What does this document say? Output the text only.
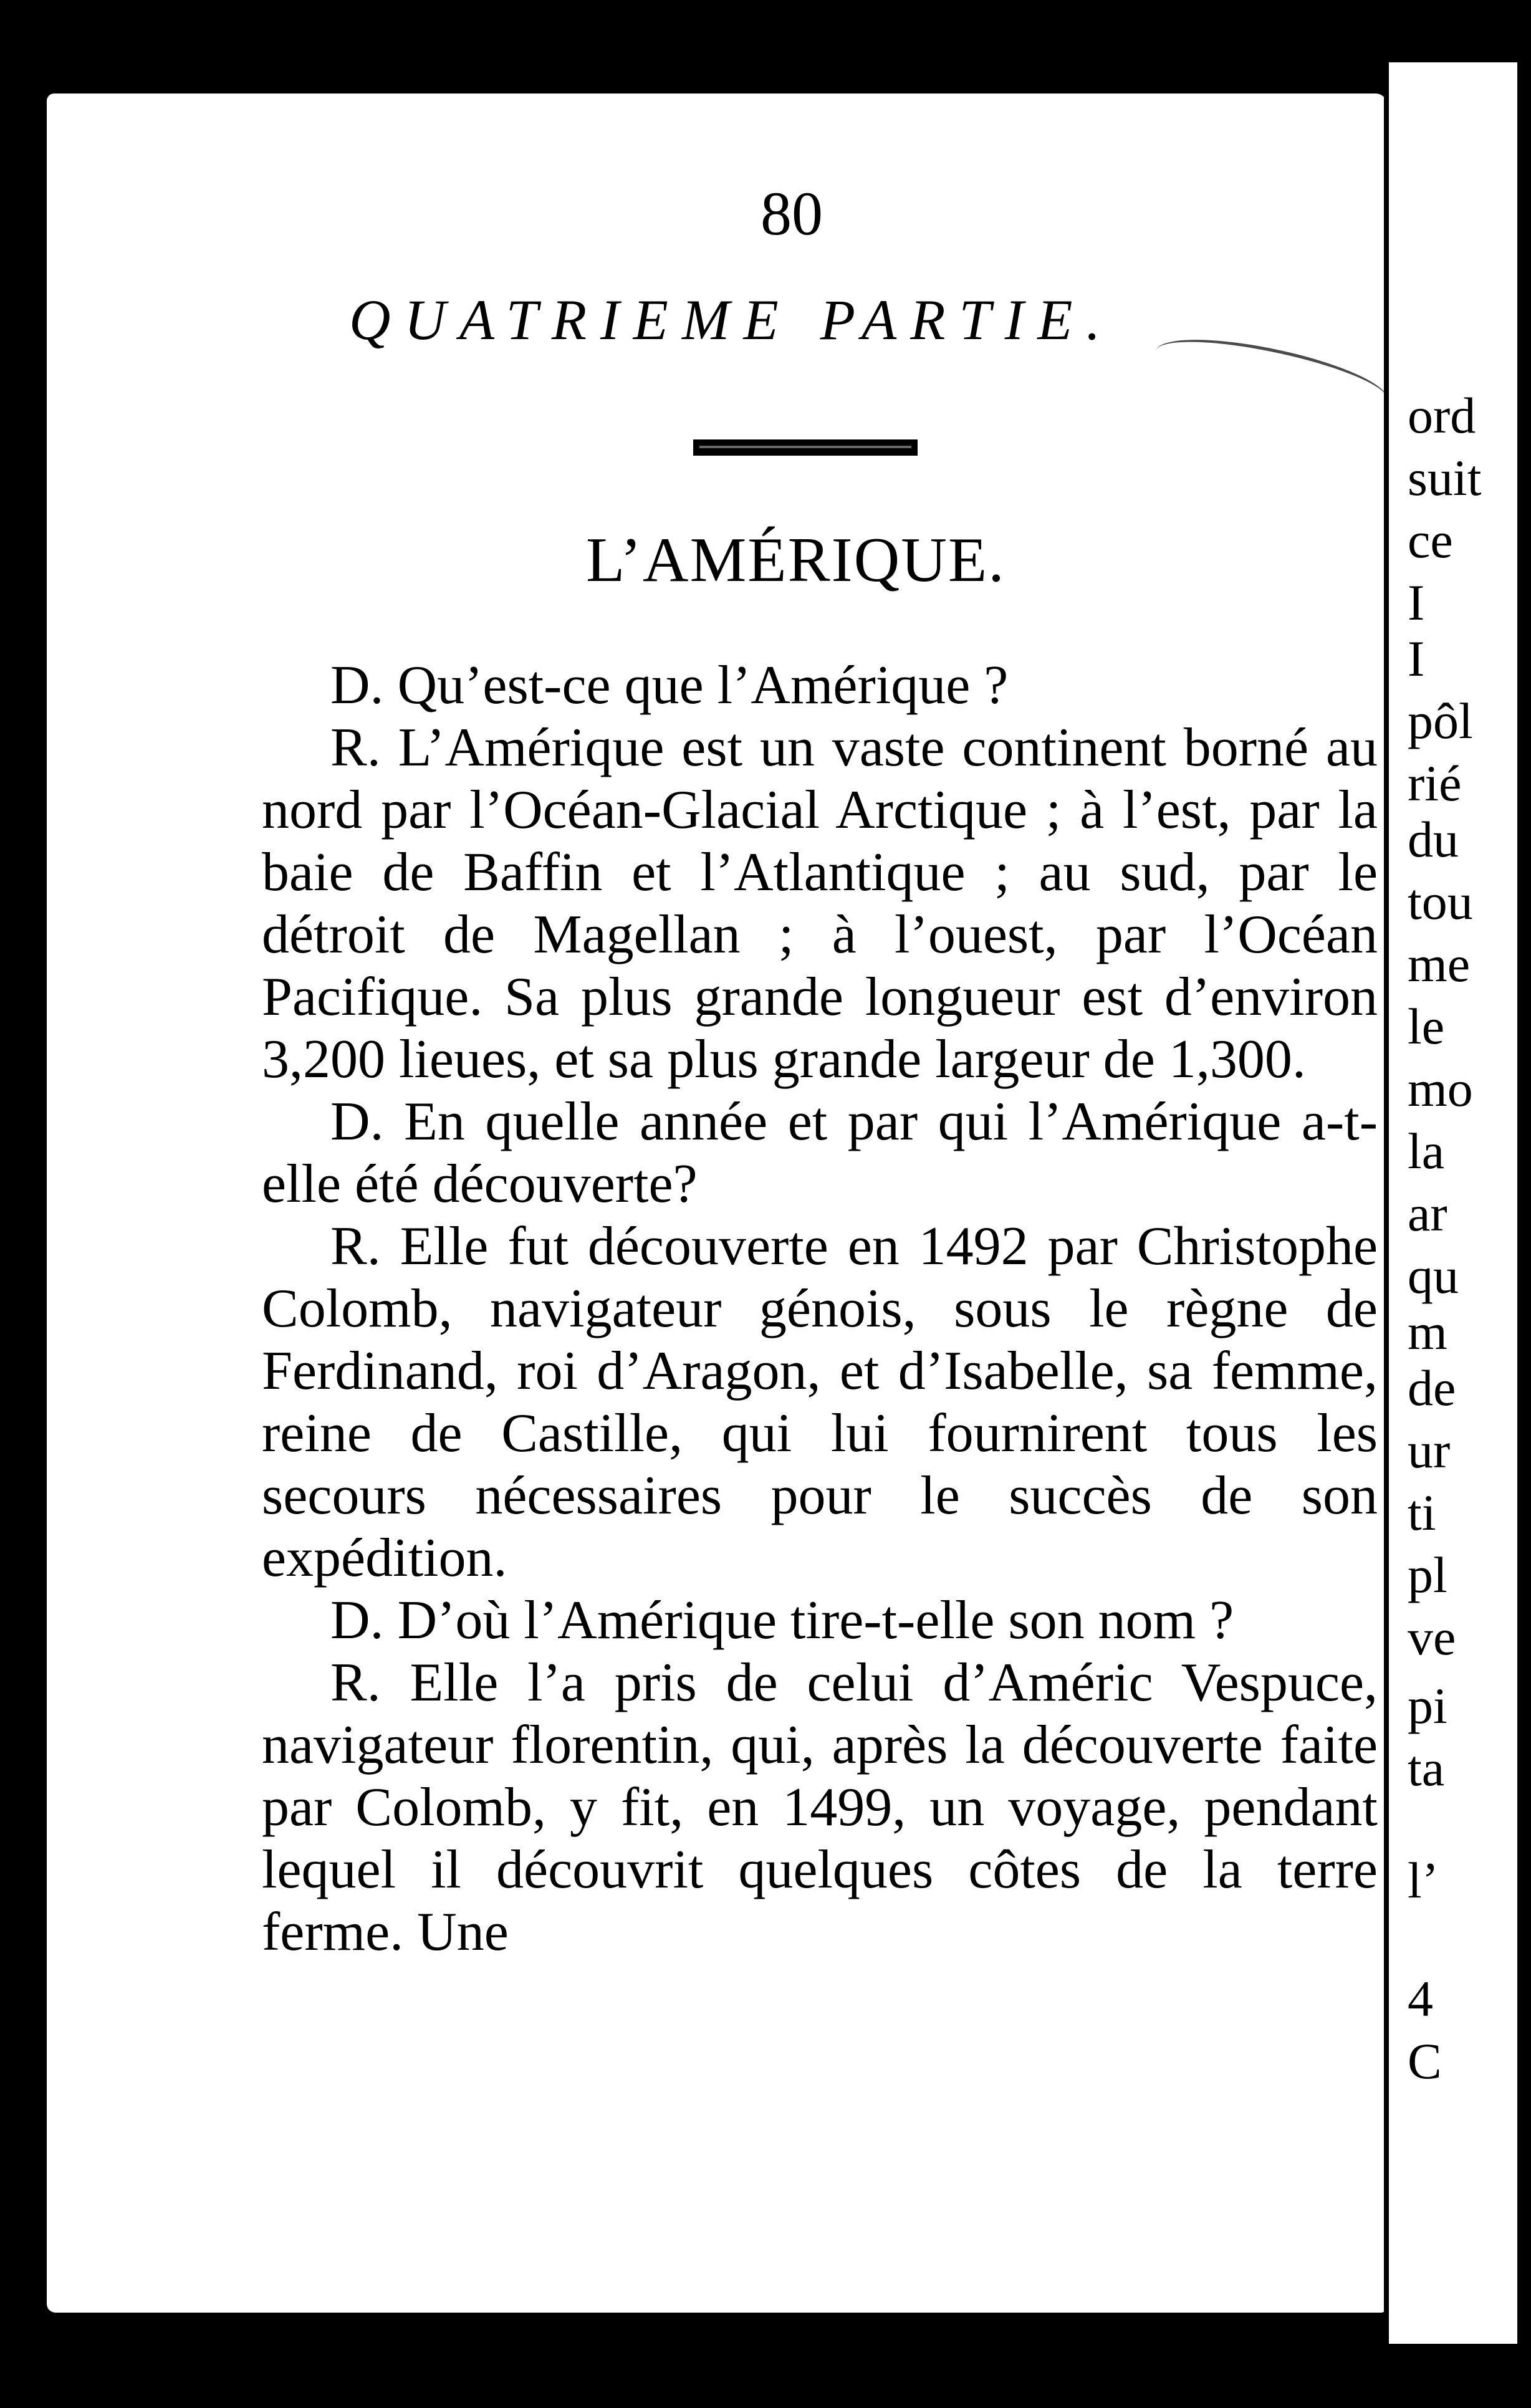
80
QUATRIEME PARTIE.
L’AMÉRIQUE.

D. Qu’est-ce que l’Amérique ?

R. L’Amérique est un vaste continent borné au nord par l’Océan-Glacial Arctique ; à l’est, par la baie de Baffin et l’Atlantique ; au sud, par le détroit de Magellan ; à l’ouest, par l’Océan Pacifique. Sa plus grande longueur est d’environ 3,200 lieues, et sa plus grande largeur de 1,300.

D. En quelle année et par qui l’Amérique a-t-elle été découverte?

R. Elle fut découverte en 1492 par Christophe Colomb, navigateur génois, sous le règne de Ferdinand, roi d’Aragon, et d’Isabelle, sa femme, reine de Castille, qui lui fournirent tous les secours nécessaires pour le succès de son expédition.

D. D’où l’Amérique tire-t-elle son nom ?

R. Elle l’a pris de celui d’Améric Vespuce, navigateur florentin, qui, après la découverte faite par Colomb, y fit, en 1499, un voyage, pendant lequel il découvrit quelques côtes de la terre ferme. Une

ord
suit
ce
I
I
pôl
rié
du
tou
me
le
mo
la
ar
qu
m
de
ur
ti
pl
ve
pi
ta
l’
4
C
